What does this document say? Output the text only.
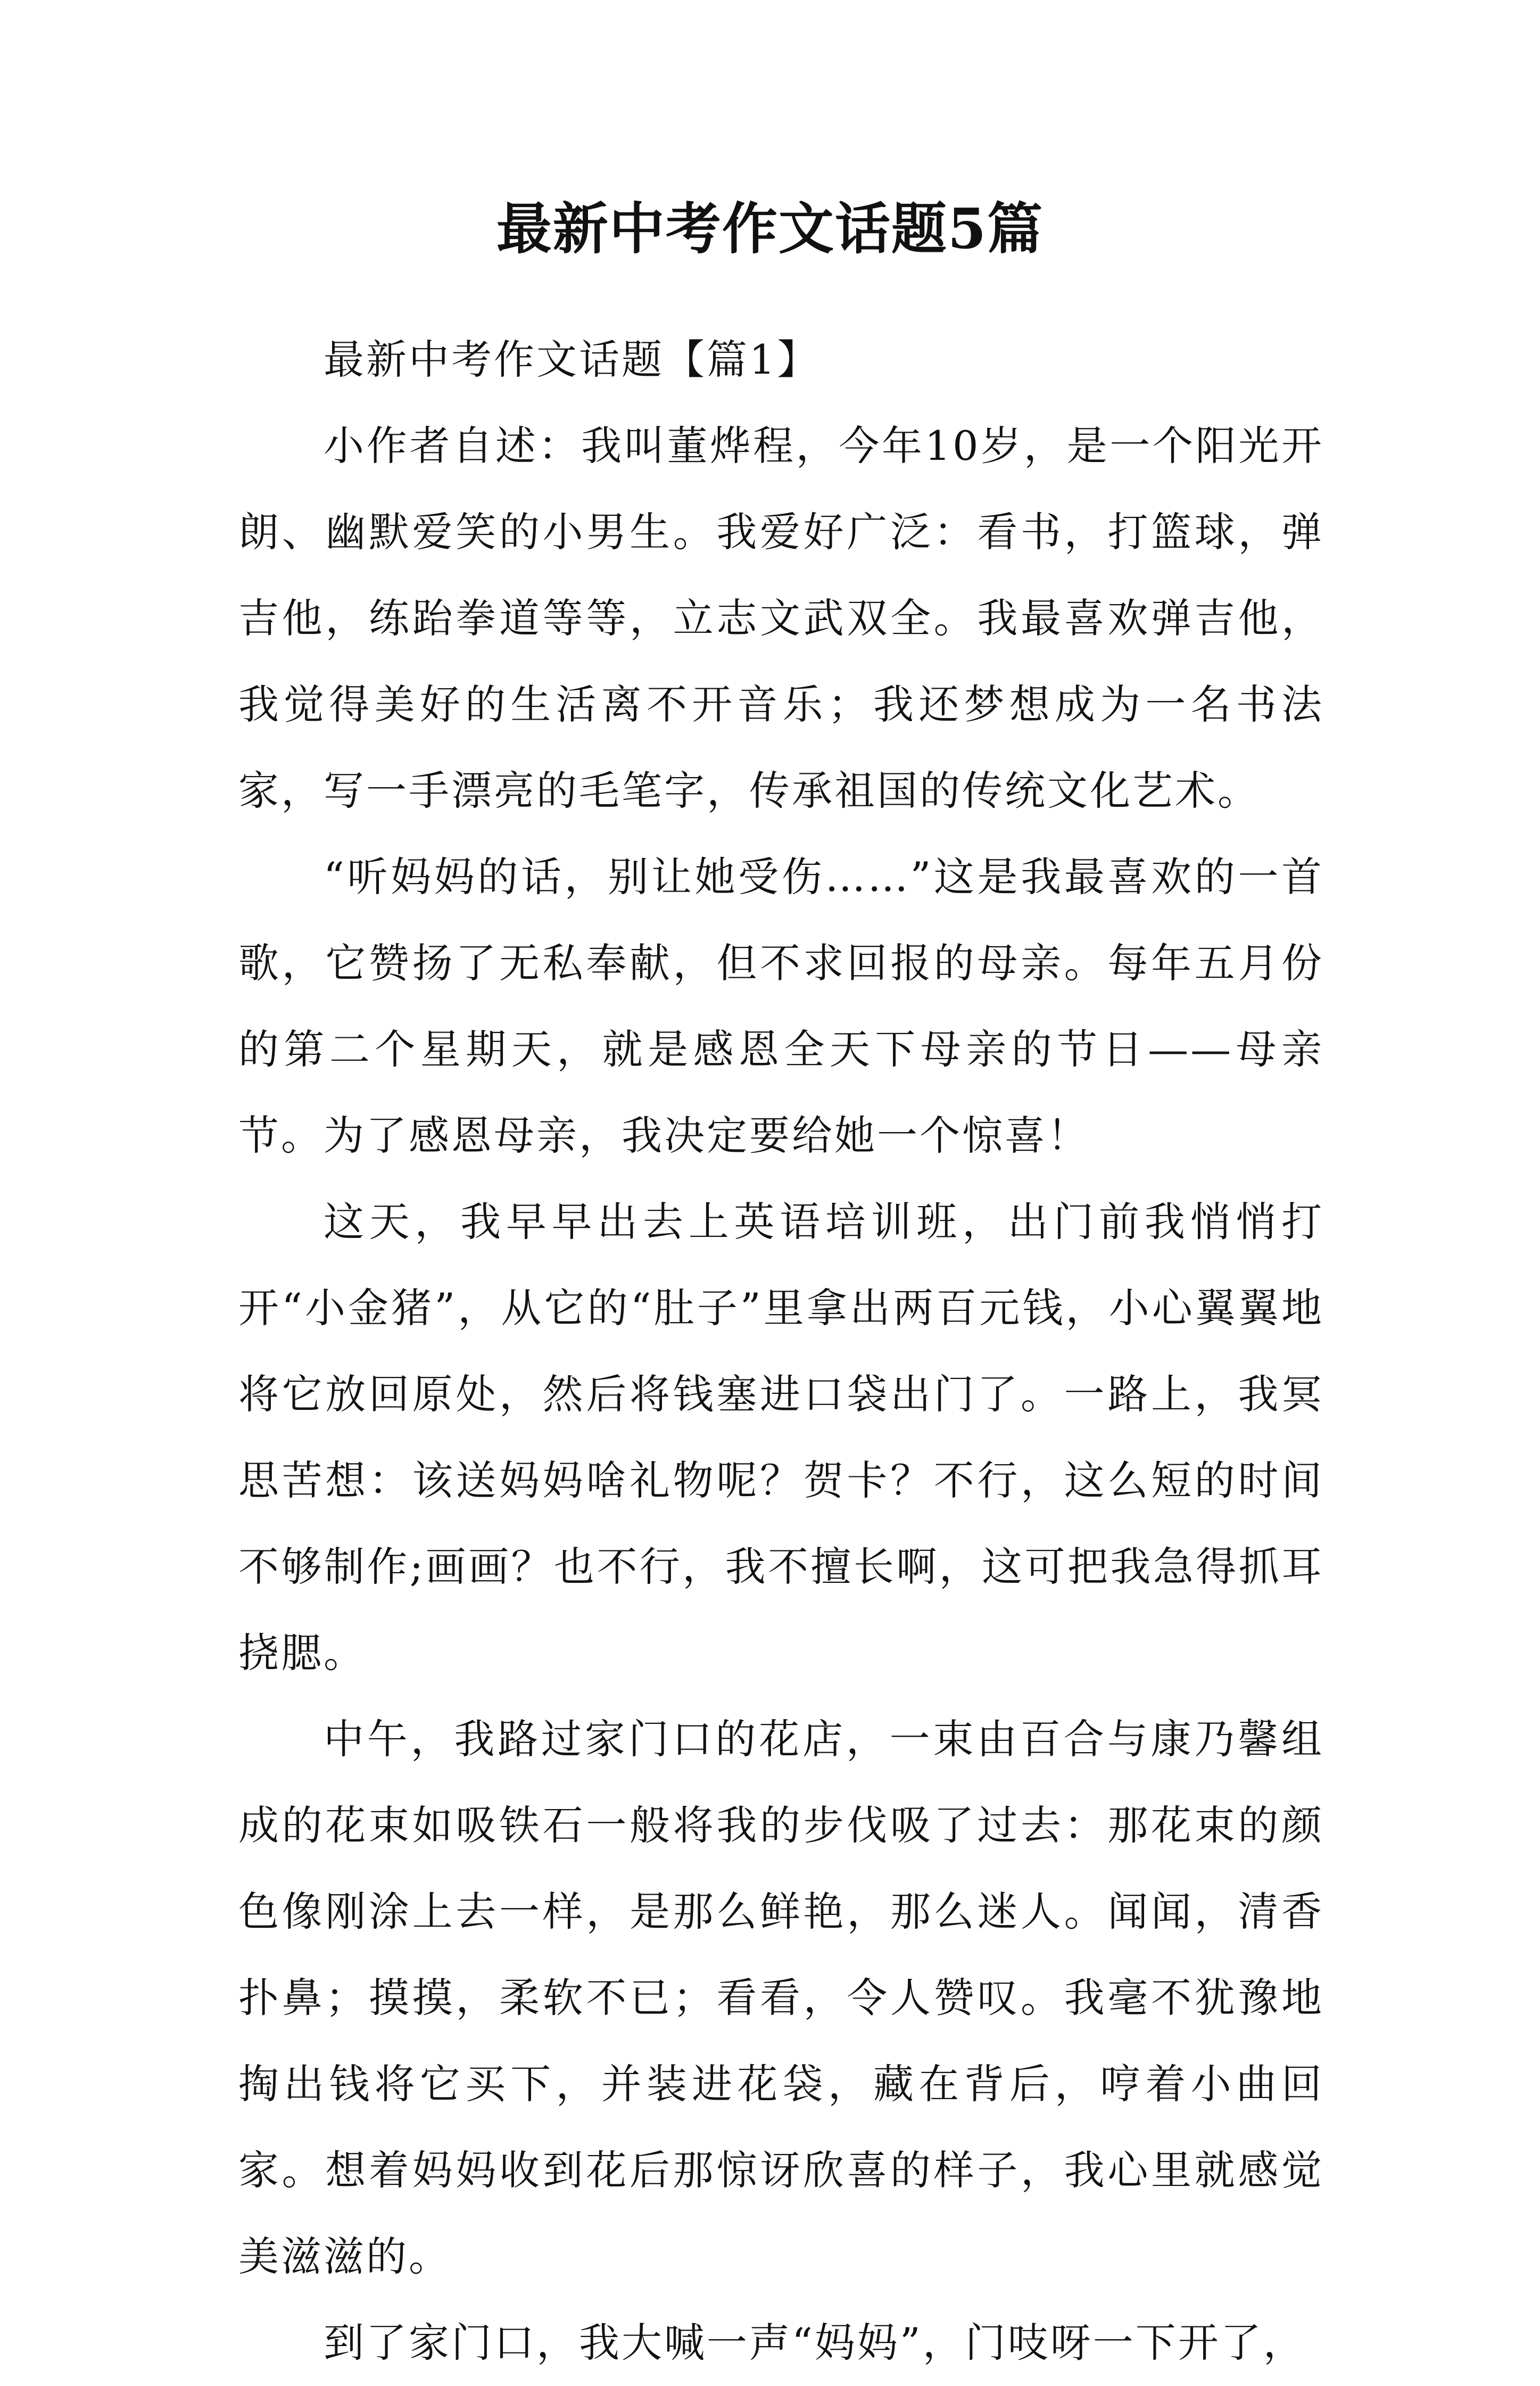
最新中考作文话题5篇
最新中考作文话题【篇1】

小作者自述：我叫董烨程，今年10岁，是一个阳光开朗、幽默爱笑的小男生。我爱好广泛：看书，打篮球，弹吉他，练跆拳道等等，立志文武双全。我最喜欢弹吉他，我觉得美好的生活离不开音乐；我还梦想成为一名书法家，写一手漂亮的毛笔字，传承祖国的传统文化艺术。

“听妈妈的话，别让她受伤……”这是我最喜欢的一首歌，它赞扬了无私奉献，但不求回报的母亲。每年五月份的第二个星期天，就是感恩全天下母亲的节日——母亲节。为了感恩母亲，我决定要给她一个惊喜！

这天，我早早出去上英语培训班，出门前我悄悄打开“小金猪”，从它的“肚子”里拿出两百元钱，小心翼翼地将它放回原处，然后将钱塞进口袋出门了。一路上，我冥思苦想：该送妈妈啥礼物呢？贺卡？不行，这么短的时间不够制作;画画？也不行，我不擅长啊，这可把我急得抓耳挠腮。

中午，我路过家门口的花店，一束由百合与康乃馨组成的花束如吸铁石一般将我的步伐吸了过去：那花束的颜色像刚涂上去一样，是那么鲜艳，那么迷人。闻闻，清香扑鼻；摸摸，柔软不已；看看，令人赞叹。我毫不犹豫地掏出钱将它买下，并装进花袋，藏在背后，哼着小曲回家。想着妈妈收到花后那惊讶欣喜的样子，我心里就感觉美滋滋的。

到了家门口，我大喊一声“妈妈”，门吱呀一下开了，
